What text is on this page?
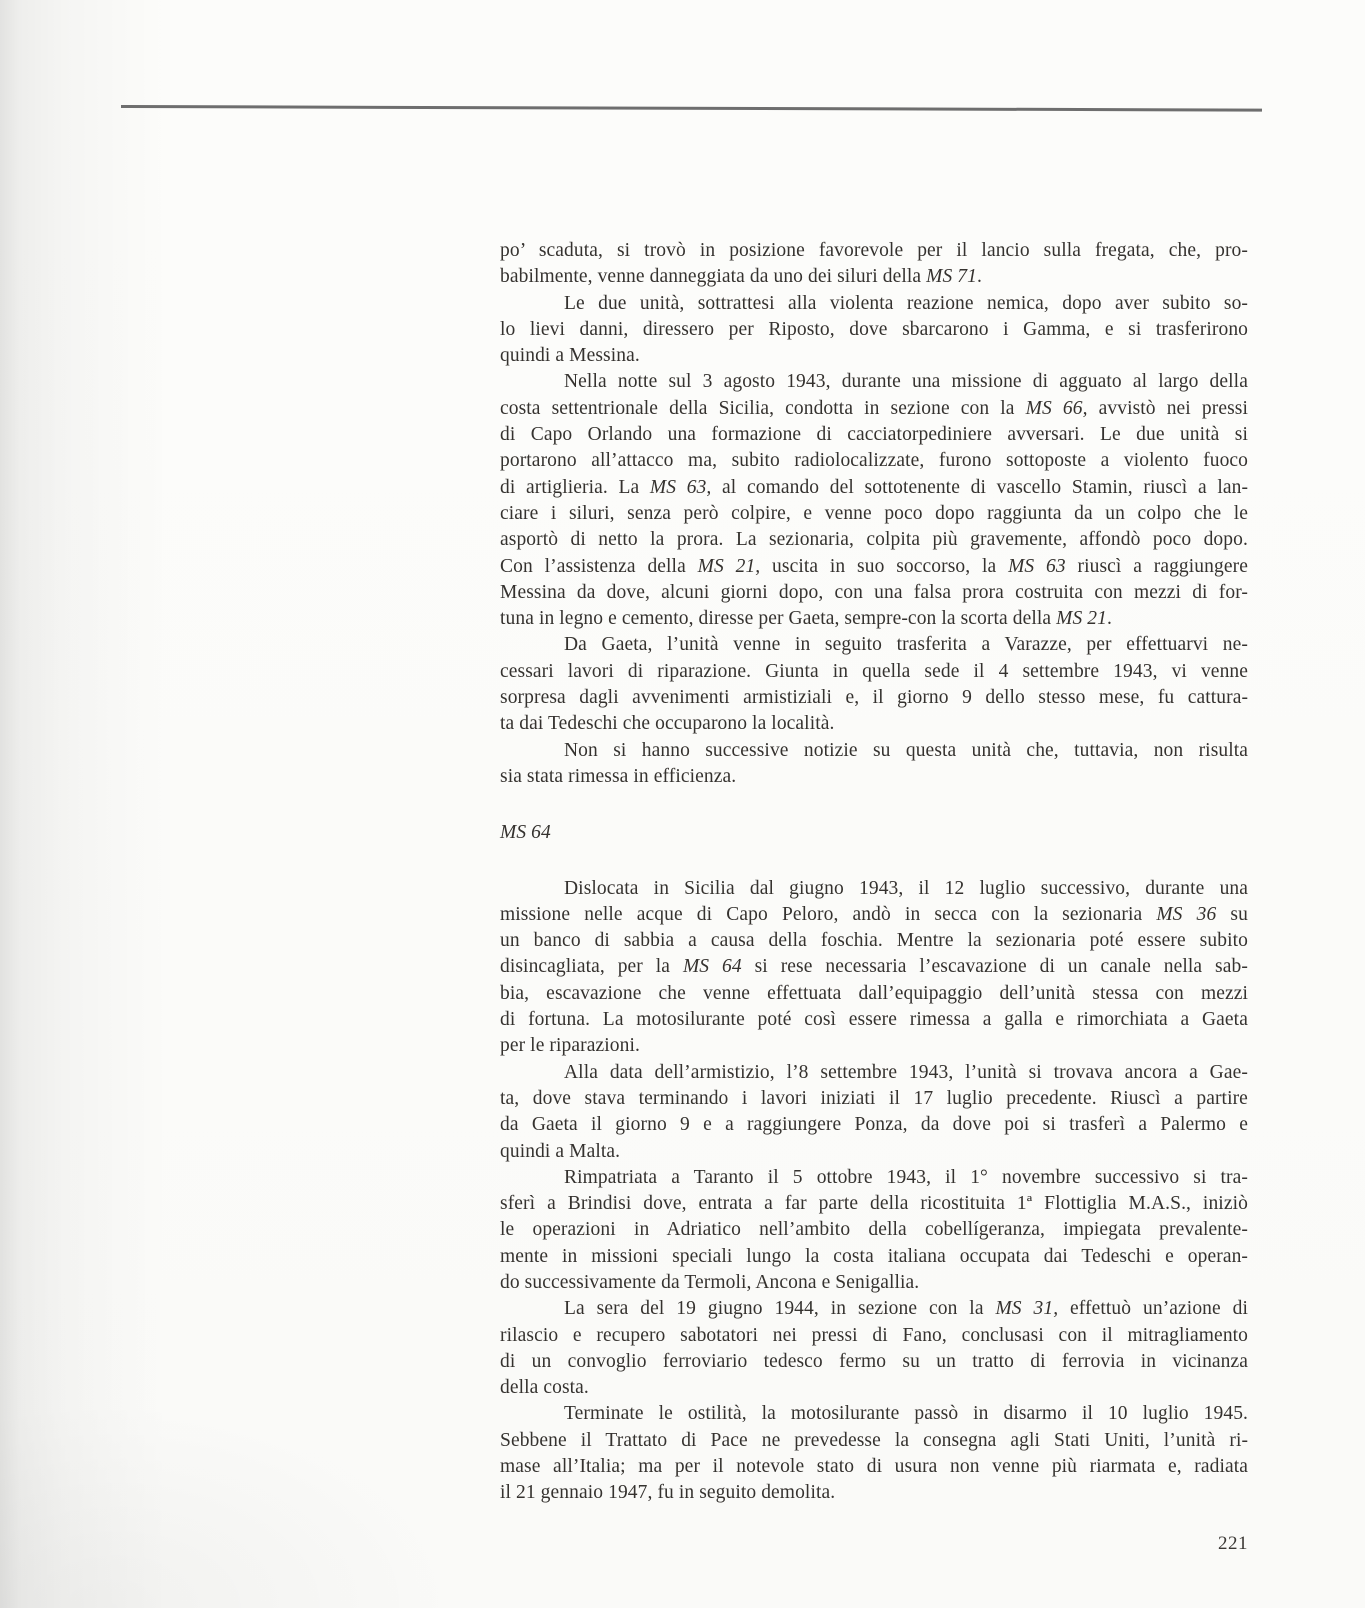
po’ scaduta, si trovò in posizione favorevole per il lancio sulla fregata, che, pro-
babilmente, venne danneggiata da uno dei siluri della MS 71.
Le due unità, sottrattesi alla violenta reazione nemica, dopo aver subito so-
lo lievi danni, diressero per Riposto, dove sbarcarono i Gamma, e si trasferirono
quindi a Messina.
Nella notte sul 3 agosto 1943, durante una missione di agguato al largo della
costa settentrionale della Sicilia, condotta in sezione con la MS 66, avvistò nei pressi
di Capo Orlando una formazione di cacciatorpediniere avversari. Le due unità si
portarono all’attacco ma, subito radiolocalizzate, furono sottoposte a violento fuoco
di artiglieria. La MS 63, al comando del sottotenente di vascello Stamin, riuscì a lan-
ciare i siluri, senza però colpire, e venne poco dopo raggiunta da un colpo che le
asportò di netto la prora. La sezionaria, colpita più gravemente, affondò poco dopo.
Con l’assistenza della MS 21, uscita in suo soccorso, la MS 63 riuscì a raggiungere
Messina da dove, alcuni giorni dopo, con una falsa prora costruita con mezzi di for-
tuna in legno e cemento, diresse per Gaeta, sempre-con la scorta della MS 21.
Da Gaeta, l’unità venne in seguito trasferita a Varazze, per effettuarvi ne-
cessari lavori di riparazione. Giunta in quella sede il 4 settembre 1943, vi venne
sorpresa dagli avvenimenti armistiziali e, il giorno 9 dello stesso mese, fu cattura-
ta dai Tedeschi che occuparono la località.
Non si hanno successive notizie su questa unità che, tuttavia, non risulta
sia stata rimessa in efficienza.
MS 64
Dislocata in Sicilia dal giugno 1943, il 12 luglio successivo, durante una
missione nelle acque di Capo Peloro, andò in secca con la sezionaria MS 36 su
un banco di sabbia a causa della foschia. Mentre la sezionaria poté essere subito
disincagliata, per la MS 64 si rese necessaria l’escavazione di un canale nella sab-
bia, escavazione che venne effettuata dall’equipaggio dell’unità stessa con mezzi
di fortuna. La motosilurante poté così essere rimessa a galla e rimorchiata a Gaeta
per le riparazioni.
Alla data dell’armistizio, l’8 settembre 1943, l’unità si trovava ancora a Gae-
ta, dove stava terminando i lavori iniziati il 17 luglio precedente. Riuscì a partire
da Gaeta il giorno 9 e a raggiungere Ponza, da dove poi si trasferì a Palermo e
quindi a Malta.
Rimpatriata a Taranto il 5 ottobre 1943, il 1° novembre successivo si tra-
sferì a Brindisi dove, entrata a far parte della ricostituita 1ª Flottiglia M.A.S., iniziò
le operazioni in Adriatico nell’ambito della cobellígeranza, impiegata prevalente-
mente in missioni speciali lungo la costa italiana occupata dai Tedeschi e operan-
do successivamente da Termoli, Ancona e Senigallia.
La sera del 19 giugno 1944, in sezione con la MS 31, effettuò un’azione di
rilascio e recupero sabotatori nei pressi di Fano, conclusasi con il mitragliamento
di un convoglio ferroviario tedesco fermo su un tratto di ferrovia in vicinanza
della costa.
Terminate le ostilità, la motosilurante passò in disarmo il 10 luglio 1945.
Sebbene il Trattato di Pace ne prevedesse la consegna agli Stati Uniti, l’unità ri-
mase all’Italia; ma per il notevole stato di usura non venne più riarmata e, radiata
il 21 gennaio 1947, fu in seguito demolita.
221
